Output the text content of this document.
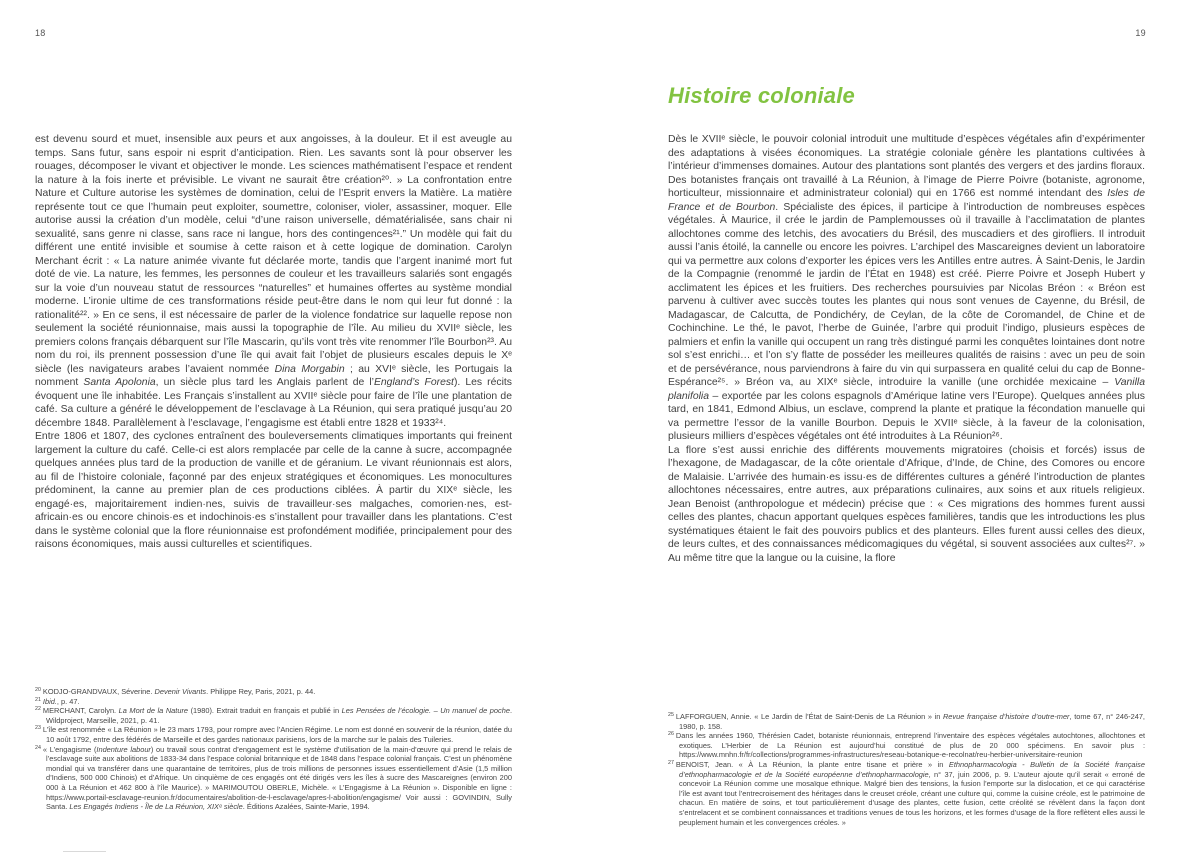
18

est devenu sourd et muet, insensible aux peurs et aux angoisses, à la douleur. Et il est aveugle au temps. Sans futur, sans espoir ni esprit d’anticipation. Rien. Les savants sont là pour observer les rouages, décomposer le vivant et objectiver le monde. Les sciences mathématisent l’espace et rendent la nature à la fois inerte et prévisible. Le vivant ne saurait être création²⁰. » La confrontation entre Nature et Culture autorise les systèmes de domination, celui de l’Esprit envers la Matière. La matière représente tout ce que l’humain peut exploiter, soumettre, coloniser, violer, assassiner, moquer. Elle autorise aussi la création d’un modèle, celui “d’une raison universelle, dématérialisée, sans chair ni sexualité, sans genre ni classe, sans race ni langue, hors des contingences²¹.” Un modèle qui fait du différent une entité invisible et soumise à cette raison et à cette logique de domination. Carolyn Merchant écrit : « La nature animée vivante fut déclarée morte, tandis que l’argent inanimé mort fut doté de vie. La nature, les femmes, les personnes de couleur et les travailleurs salariés sont engagés sur la voie d’un nouveau statut de ressources “naturelles” et humaines offertes au système mondial moderne. L’ironie ultime de ces transformations réside peut-être dans le nom qui leur fut donné : la rationalité²². » En ce sens, il est nécessaire de parler de la violence fondatrice sur laquelle repose non seulement la société réunionnaise, mais aussi la topographie de l’île. Au milieu du XVIIᵉ siècle, les premiers colons français débarquent sur l’île Mascarin, qu’ils vont très vite renommer l’île Bourbon²³. Au nom du roi, ils prennent possession d’une île qui avait fait l’objet de plusieurs escales depuis le Xᵉ siècle (les navigateurs arabes l’avaient nommée Dina Morgabin ; au XVIᵉ siècle, les Portugais la nomment Santa Apolonia, un siècle plus tard les Anglais parlent de l’England’s Forest). Les récits évoquent une île inhabitée. Les Français s’installent au XVIIᵉ siècle pour faire de l’île une plantation de café. Sa culture a généré le développement de l’esclavage à La Réunion, qui sera pratiqué jusqu’au 20 décembre 1848. Parallèlement à l’esclavage, l’engagisme est établi entre 1828 et 1933²⁴.

Entre 1806 et 1807, des cyclones entraînent des bouleversements climatiques importants qui freinent largement la culture du café. Celle-ci est alors remplacée par celle de la canne à sucre, accompagnée quelques années plus tard de la production de vanille et de géranium. Le vivant réunionnais est alors, au fil de l’histoire coloniale, façonné par des enjeux stratégiques et économiques. Les monocultures prédominent, la canne au premier plan de ces productions ciblées. À partir du XIXᵉ siècle, les engagé·es, majoritairement indien·nes, suivis de travailleur·ses malgaches, comorien·nes, est-africain·es ou encore chinois·es et indochinois·es s’installent pour travailler dans les plantations. C’est dans le système colonial que la flore réunionnaise est profondément modifiée, principalement pour des raisons économiques, mais aussi culturelles et scientifiques.

20 KODJO-GRANDVAUX, Séverine. Devenir Vivants. Philippe Rey, Paris, 2021, p. 44.
21 Ibid., p. 47.
22 MERCHANT, Carolyn. La Mort de la Nature (1980). Extrait traduit en français et publié in Les Pensées de l’écologie. – Un manuel de poche. Wildproject, Marseille, 2021, p. 41.
23 L’île est renommée « La Réunion » le 23 mars 1793, pour rompre avec l’Ancien Régime. Le nom est donné en souvenir de la réunion, datée du 10 août 1792, entre des fédérés de Marseille et des gardes nationaux parisiens, lors de la marche sur le palais des Tuileries.
24 « L’engagisme (Indenture labour) ou travail sous contrat d’engagement est le système d’utilisation de la main-d’œuvre qui prend le relais de l’esclavage suite aux abolitions de 1833-34 dans l’espace colonial britannique et de 1848 dans l’espace colonial français. C’est un phénomène mondial qui va transférer dans une quarantaine de territoires, plus de trois millions de personnes issues essentiellement d’Asie (1,5 million d’Indiens, 500 000 Chinois) et d’Afrique. Un cinquième de ces engagés ont été dirigés vers les îles à sucre des Mascareignes (environ 200 000 à La Réunion et 462 800 à l’île Maurice). » MARIMOUTOU OBERLE, Michèle. « L’Engagisme à La Réunion ». Disponible en ligne : https://www.portail-esclavage-reunion.fr/documentaires/abolition-de-l-esclavage/apres-l-abolition/engagisme/ Voir aussi : GOVINDIN, Sully Santa. Les Engagés Indiens - Île de La Réunion, XIXᵉ siècle. Éditions Azalées, Sainte-Marie, 1994.
19
Histoire coloniale

Dès le XVIIᵉ siècle, le pouvoir colonial introduit une multitude d’espèces végétales afin d’expérimenter des adaptations à visées économiques. La stratégie coloniale génère les plantations cultivées à l’intérieur d’immenses domaines. Autour des plantations sont plantés des vergers et des jardins floraux. Des botanistes français ont travaillé à La Réunion, à l’image de Pierre Poivre (botaniste, agronome, horticulteur, missionnaire et administrateur colonial) qui en 1766 est nommé intendant des Isles de France et de Bourbon. Spécialiste des épices, il participe à l’introduction de nombreuses espèces végétales. À Maurice, il crée le jardin de Pamplemousses où il travaille à l’acclimatation de plantes allochtones comme des letchis, des avocatiers du Brésil, des muscadiers et des girofliers. Il introduit aussi l’anis étoilé, la cannelle ou encore les poivres. L’archipel des Mascareignes devient un laboratoire qui va permettre aux colons d’exporter les épices vers les Antilles entre autres. À Saint-Denis, le Jardin de la Compagnie (renommé le jardin de l’État en 1948) est créé. Pierre Poivre et Joseph Hubert y acclimatent les épices et les fruitiers. Des recherches poursuivies par Nicolas Bréon : « Bréon est parvenu à cultiver avec succès toutes les plantes qui nous sont venues de Cayenne, du Brésil, de Madagascar, de Calcutta, de Pondichéry, de Ceylan, de la côte de Coromandel, de Chine et de Cochinchine. Le thé, le pavot, l’herbe de Guinée, l’arbre qui produit l’indigo, plusieurs espèces de palmiers et enfin la vanille qui occupent un rang très distingué parmi les conquêtes lointaines dont notre sol s’est enrichi… et l’on s’y flatte de posséder les meilleures qualités de raisins : avec un peu de soin et de persévérance, nous parviendrons à faire du vin qui surpassera en qualité celui du cap de Bonne-Espérance²⁵. » Bréon va, au XIXᵉ siècle, introduire la vanille (une orchidée mexicaine – Vanilla planifolia – exportée par les colons espagnols d’Amérique latine vers l’Europe). Quelques années plus tard, en 1841, Edmond Albius, un esclave, comprend la plante et pratique la fécondation manuelle qui va permettre l’essor de la vanille Bourbon. Depuis le XVIIᵉ siècle, à la faveur de la colonisation, plusieurs milliers d’espèces végétales ont été introduites à La Réunion²⁶.

La flore s’est aussi enrichie des différents mouvements migratoires (choisis et forcés) issus de l’hexagone, de Madagascar, de la côte orientale d’Afrique, d’Inde, de Chine, des Comores ou encore de Malaisie. L’arrivée des humain·es issu·es de différentes cultures a généré l’introduction de plantes allochtones nécessaires, entre autres, aux préparations culinaires, aux soins et aux rituels religieux. Jean Benoist (anthropologue et médecin) précise que : « Ces migrations des hommes furent aussi celles des plantes, chacun apportant quelques espèces familières, tandis que les introductions les plus systématiques étaient le fait des pouvoirs publics et des planteurs. Elles furent aussi celles des dieux, de leurs cultes, et des connaissances médicomagiques du végétal, si souvent associées aux cultes²⁷. » Au même titre que la langue ou la cuisine, la flore

25 LAFFORGUEN, Annie. « Le Jardin de l’État de Saint-Denis de La Réunion » in Revue française d’histoire d’outre-mer, tome 67, n° 246-247, 1980, p. 158.
26 Dans les années 1960, Thérésien Cadet, botaniste réunionnais, entreprend l’inventaire des espèces végétales autochtones, allochtones et exotiques. L’Herbier de La Réunion est aujourd’hui constitué de plus de 20 000 spécimens. En savoir plus : https://www.mnhn.fr/fr/collections/programmes-infrastructures/reseau-botanique-e-recolnat/reu-herbier-universitaire-reunion
27 BENOIST, Jean. « À La Réunion, la plante entre tisane et prière » in Ethnopharmacologia - Bulletin de la Société française d’ethnopharmacologie et de la Société européenne d’ethnopharmacologie, n° 37, juin 2006, p. 9. L’auteur ajoute qu’il serait « erroné de concevoir La Réunion comme une mosaïque ethnique. Malgré bien des tensions, la fusion l’emporte sur la dislocation, et ce qui caractérise l’île est avant tout l’entrecroisement des héritages dans le creuset créole, créant une culture qui, comme la cuisine créole, est le patrimoine de chacun. En matière de soins, et tout particulièrement d’usage des plantes, cette fusion, cette créolité se révèlent dans la façon dont s’entrelacent et se combinent connaissances et traditions venues de tous les horizons, et les formes d’usage de la flore reflètent elles aussi le peuplement humain et les convergences créoles. »
